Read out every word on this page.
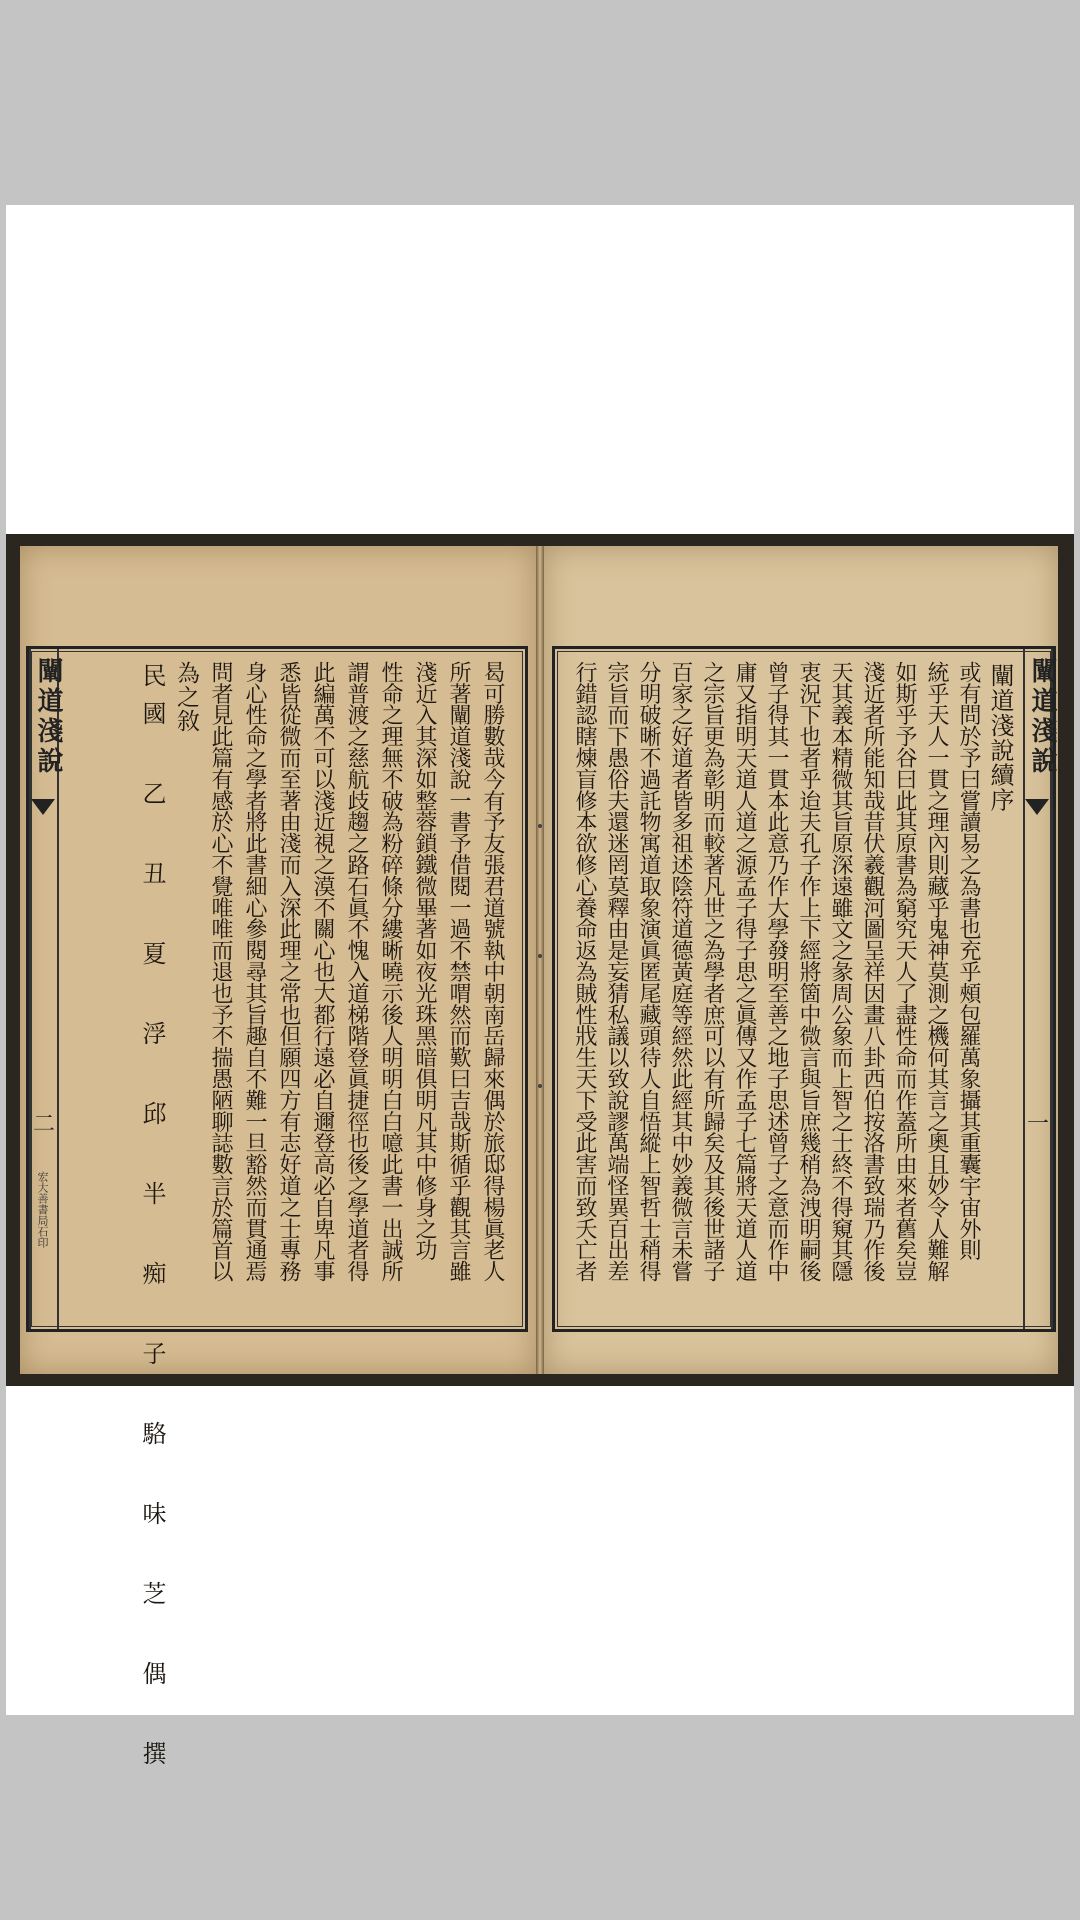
闡道淺說
二
宏大善書局石印	曷可勝數哉今有予友張君道號執中朝南岳歸來偶於旅邸得楊眞老人
所著闡道淺說一書予借閱一過不禁喟然而歎曰吉哉斯循乎觀其言雖
淺近入其深如整蓉鎖鐵微畢著如夜光珠黑暗俱明凡其中修身之功
性命之理無不破為粉碎條分縷晰曉示後人明明白白噫此書一出誠所
謂普渡之慈航歧趨之路石眞不愧入道梯階登眞捷徑也後之學道者得
此編萬不可以淺近視之漠不關心也大都行遠必自邇登高必自卑凡事
悉皆從微而至著由淺而入深此理之常也但願四方有志好道之士專務
身心性命之學者將此書細心參閱尋其旨趣自不難一旦豁然而貫通焉
問者見此篇有感於心不覺唯唯而退也予不揣愚陋聊誌數言於篇首以
為之敘
民國 乙 丑 夏 浮 邱 半 痴 子 駱 味 芝 偶 撰	闡道淺說
一
闡道淺說續序
或有問於予曰嘗讀易之為書也充乎頰包羅萬象攝其重囊宇宙外則
統乎天人一貫之理內則藏乎鬼神莫測之機何其言之奧且妙令人難解
如斯乎予谷曰此其原書為窮究天人了盡性命而作蓋所由來者舊矣豈
淺近者所能知哉昔伏羲觀河圖呈祥因畫八卦西伯按洛書致瑞乃作後
天其義本精微其旨原深遠雖文之彖周公象而上智之士終不得窺其隱
衷況下也者乎迨夫孔子作上下經將箇中微言與旨庶幾稍為洩明嗣後
曾子得其一貫本此意乃作大學發明至善之地子思述曾子之意而作中
庸又指明天道人道之源孟子得子思之眞傳又作孟子七篇將天道人道
之宗旨更為彰明而較著凡世之為學者庶可以有所歸矣及其後世諸子
百家之好道者皆多祖述陰符道德黃庭等經然此經其中妙義微言未嘗
分明破晰不過託物寓道取象演眞匿尾藏頭待人自悟縱上智哲士稍得
宗旨而下愚俗夫還迷罔莫釋由是妄猜私議以致說謬萬端怪異百出差
行錯認瞎煉盲修本欲修心養命返為賊性戕生天下受此害而致夭亡者
